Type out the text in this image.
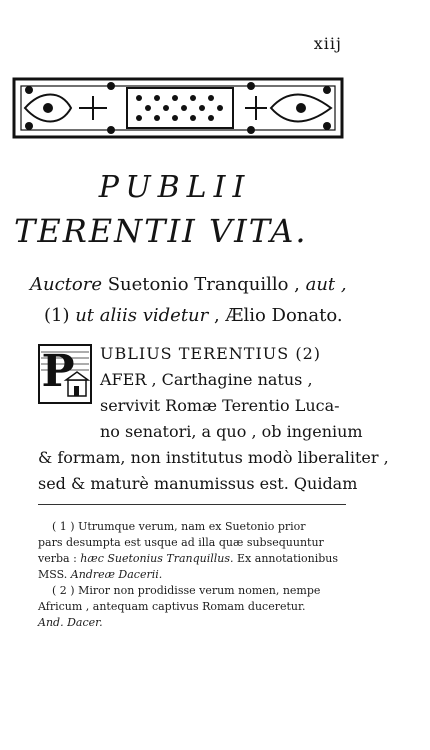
xiij
PUBLII
TERENTII VITA.
Auctore Suetonio Tranquillo , aut ,
(1) ut aliis videtur , Ælio Donato.
P UBLIUS TERENTIUS (2)
AFER , Carthagine natus ,
servivit Romæ Terentio Luca-
no senatori, a quo , ob ingenium
& formam, non institutus modò liberaliter ,
sed & maturè manumissus est. Quidam
( 1 ) Utrumque verum, nam ex Suetonio prior
pars desumpta est usque ad illa quæ subsequuntur
verba : hæc Suetonius Tranquillus. Ex annotationibus
MSS. Andreæ Dacerii.
( 2 ) Miror non prodidisse verum nomen, nempe
Africum , antequam captivus Romam duceretur.
And. Dacer.
